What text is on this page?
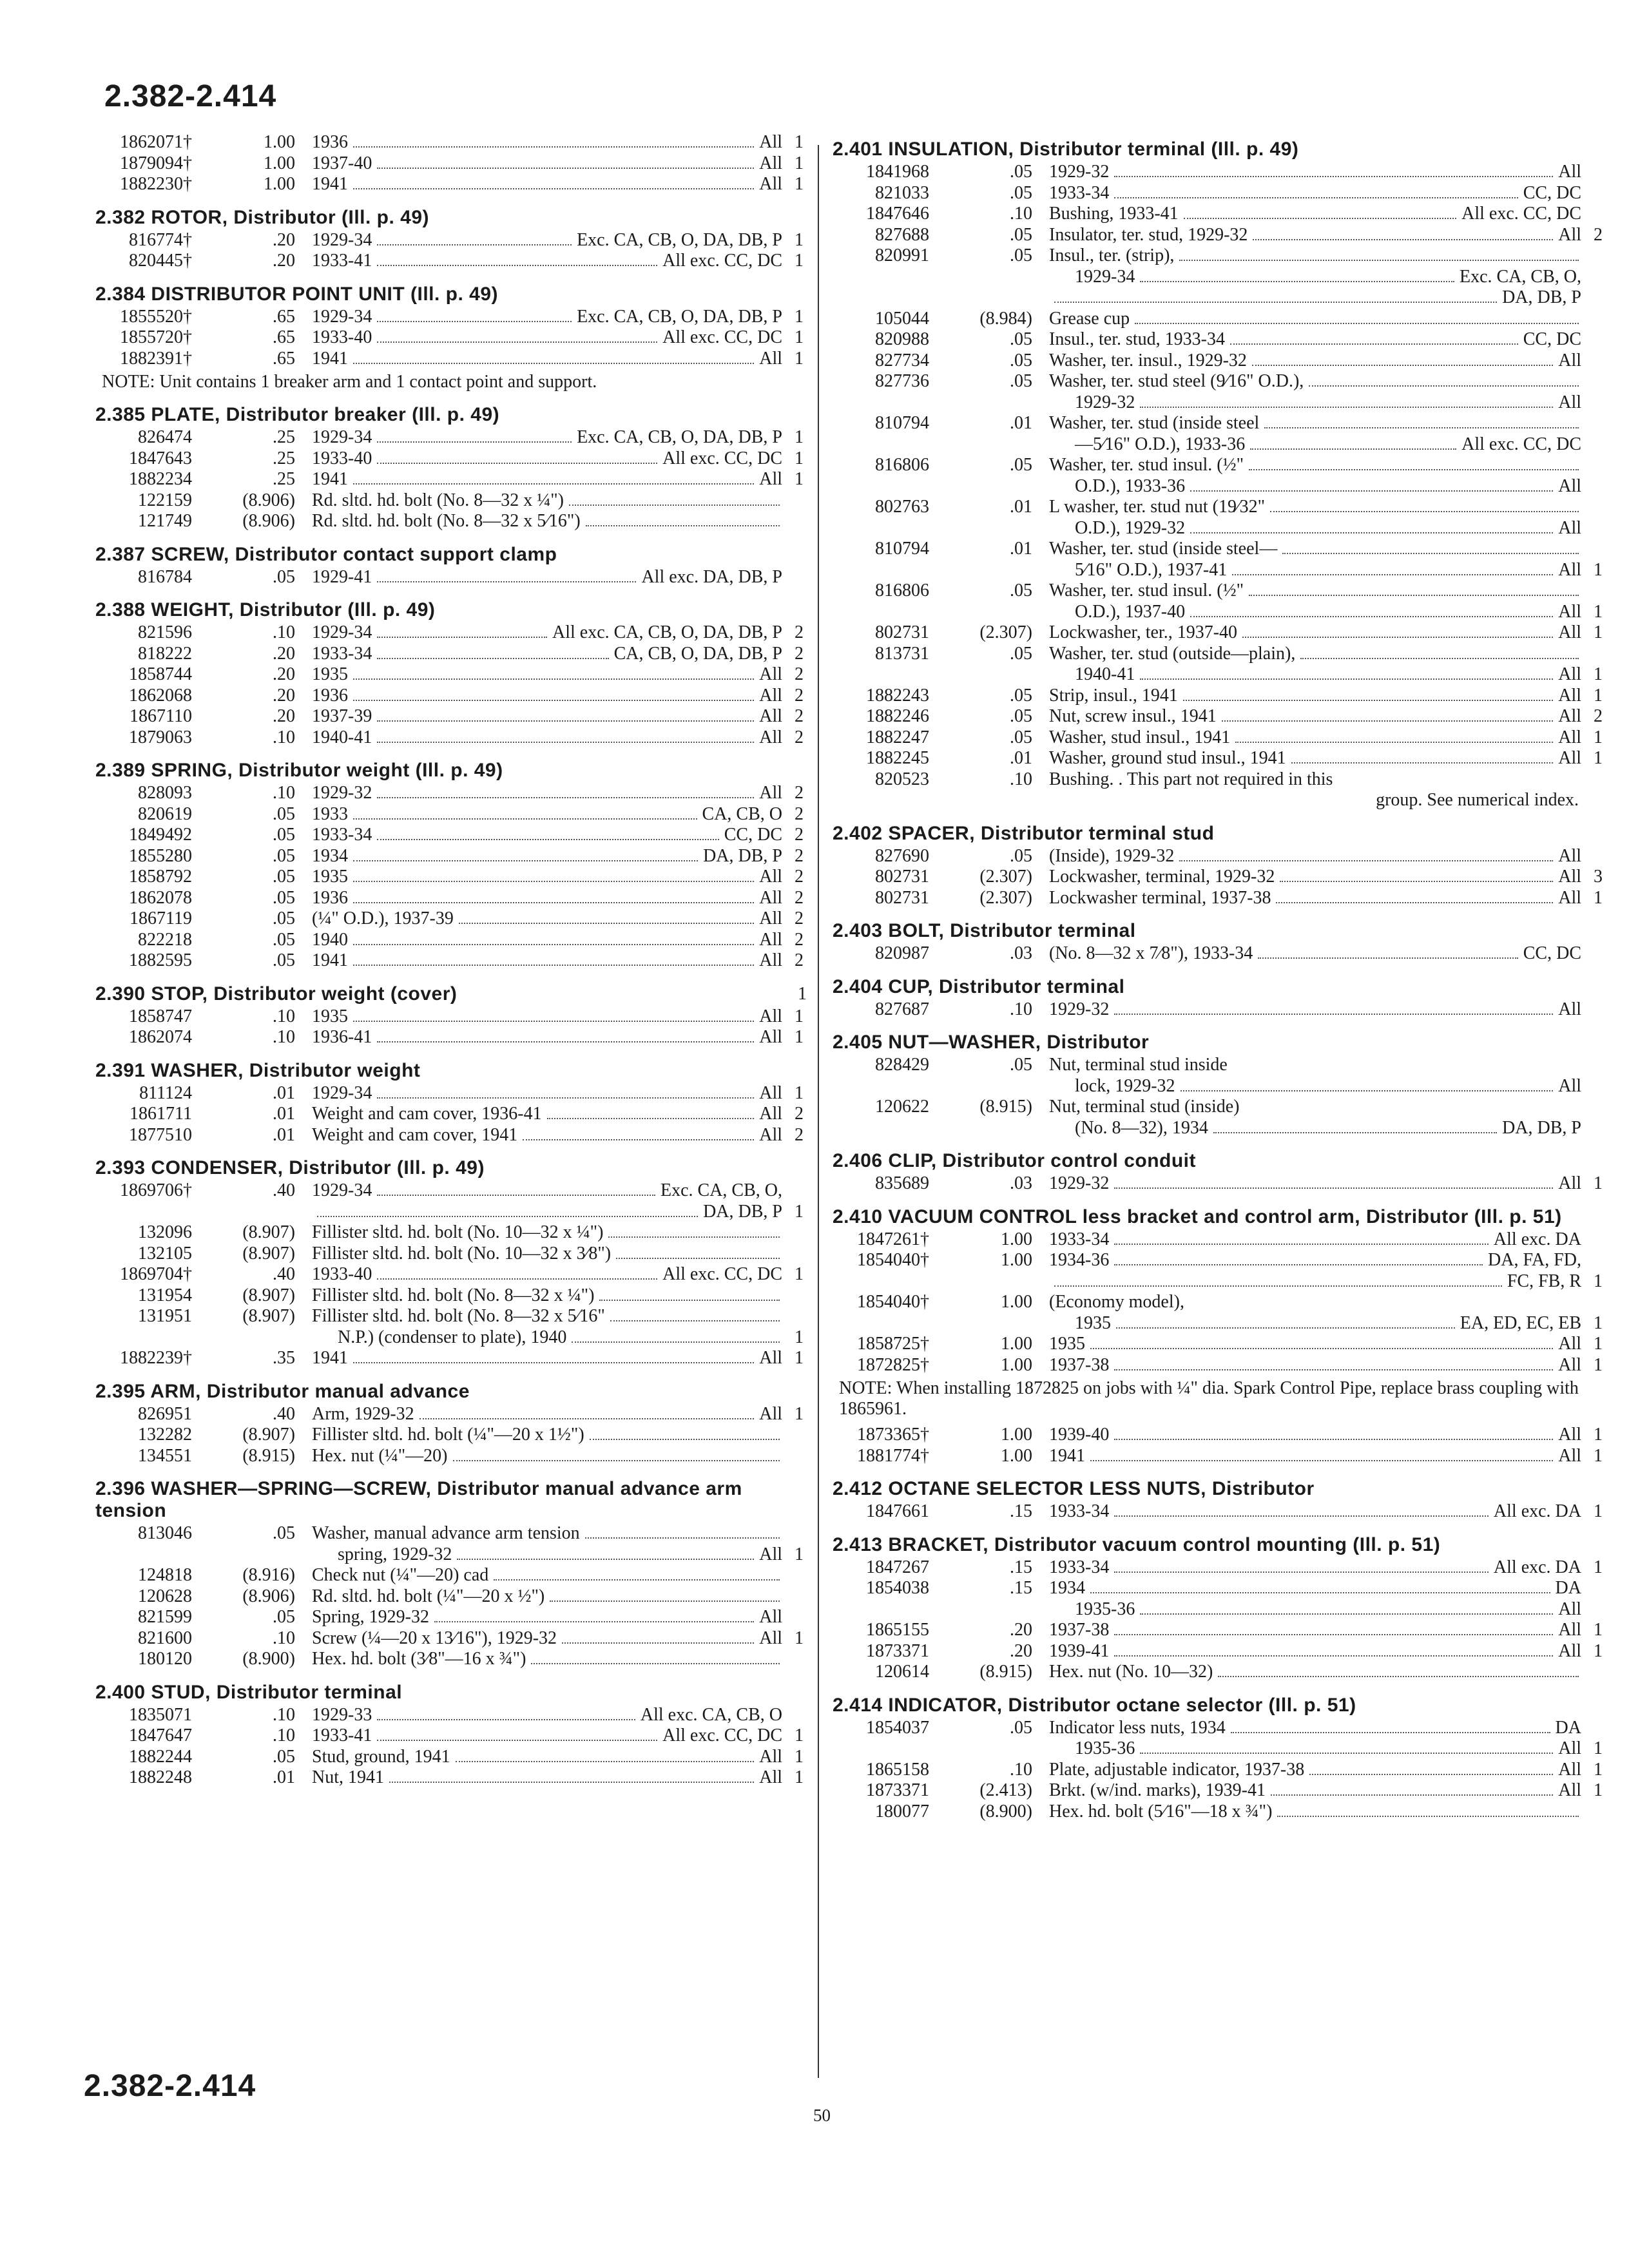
2.382-2.414
1862071†	1.00 1936	All 1
1879094†	1.00 1937-40	All 1
1882230†	1.00 1941	All 1
2.382 ROTOR, Distributor (Ill. p. 49)
816774†	.20 1929-34	Exc. CA, CB, O, DA, DB, P 1
820445†	.20 1933-41	All exc. CC, DC 1
2.384 DISTRIBUTOR POINT UNIT (Ill. p. 49)
1855520†	.65 1929-34	Exc. CA, CB, O, DA, DB, P 1
1855720†	.65 1933-40	All exc. CC, DC 1
1882391†	.65 1941	All 1
NOTE: Unit contains 1 breaker arm and 1 contact point and support.
2.385 PLATE, Distributor breaker (Ill. p. 49)
826474	.25 1929-34	Exc. CA, CB, O, DA, DB, P 1
1847643	.25 1933-40	All exc. CC, DC 1
1882234	.25 1941	All 1
122159	(8.906) Rd. sltd. hd. bolt (No. 8—32 x ¼")
121749	(8.906) Rd. sltd. hd. bolt (No. 8—32 x 5⁄16")
2.387 SCREW, Distributor contact support clamp
816784	.05 1929-41	All exc. DA, DB, P
2.388 WEIGHT, Distributor (Ill. p. 49)
821596	.10 1929-34	All exc. CA, CB, O, DA, DB, P 2
818222	.20 1933-34	CA, CB, O, DA, DB, P 2
1858744	.20 1935	All 2
1862068	.20 1936	All 2
1867110	.20 1937-39	All 2
1879063	.10 1940-41	All 2
2.389 SPRING, Distributor weight (Ill. p. 49)
828093	.10 1929-32	All 2
820619	.05 1933	CA, CB, O 2
1849492	.05 1933-34	CC, DC 2
1855280	.05 1934	DA, DB, P 2
1858792	.05 1935	All 2
1862078	.05 1936	All 2
1867119	.05 (¼" O.D.), 1937-39	All 2
822218	.05 1940	All 2
1882595	.05 1941	All 2
1
2.390 STOP, Distributor weight (cover)
1858747	.10 1935	All 1
1862074	.10 1936-41	All 1
2.391 WASHER, Distributor weight
811124	.01 1929-34	All 1
1861711	.01 Weight and cam cover, 1936-41	All 2
1877510	.01 Weight and cam cover, 1941	All 2
2.393 CONDENSER, Distributor (Ill. p. 49)
1869706†	.40 1929-34	Exc. CA, CB, O,
DA, DB, P 1
132096	(8.907) Fillister sltd. hd. bolt (No. 10—32 x ¼")
132105	(8.907) Fillister sltd. hd. bolt (No. 10—32 x 3⁄8")
1869704†	.40 1933-40	All exc. CC, DC 1
131954	(8.907) Fillister sltd. hd. bolt (No. 8—32 x ¼")
131951	(8.907) Fillister sltd. hd. bolt (No. 8—32 x 5⁄16"
N.P.) (condenser to plate), 1940	1
1882239†	.35 1941	All 1
2.395 ARM, Distributor manual advance
826951	.40 Arm, 1929-32	All 1
132282	(8.907) Fillister sltd. hd. bolt (¼"—20 x 1½")
134551	(8.915) Hex. nut (¼"—20)
2.396 WASHER—SPRING—SCREW, Distributor manual advance arm tension
813046	.05 Washer, manual advance arm tension
spring, 1929-32	All 1
124818	(8.916) Check nut (¼"—20) cad
120628	(8.906) Rd. sltd. hd. bolt (¼"—20 x ½")
821599	.05 Spring, 1929-32	All
821600	.10 Screw (¼—20 x 13⁄16"), 1929-32	All 1
180120	(8.900) Hex. hd. bolt (3⁄8"—16 x ¾")
2.400 STUD, Distributor terminal
1835071	.10 1929-33	All exc. CA, CB, O
1847647	.10 1933-41	All exc. CC, DC 1
1882244	.05 Stud, ground, 1941	All 1
1882248	.01 Nut, 1941	All 1
2.401 INSULATION, Distributor terminal (Ill. p. 49)
1841968	.05 1929-32	All
821033	.05 1933-34	CC, DC
1847646	.10 Bushing, 1933-41	All exc. CC, DC
827688	.05 Insulator, ter. stud, 1929-32	All 2
820991	.05 Insul., ter. (strip),
1929-34	Exc. CA, CB, O,
DA, DB, P
105044	(8.984) Grease cup
820988	.05 Insul., ter. stud, 1933-34	CC, DC
827734	.05 Washer, ter. insul., 1929-32	All
827736	.05 Washer, ter. stud steel (9⁄16" O.D.),
1929-32	All
810794	.01 Washer, ter. stud (inside steel
—5⁄16" O.D.), 1933-36	All exc. CC, DC
816806	.05 Washer, ter. stud insul. (½"
O.D.), 1933-36	All
802763	.01 L washer, ter. stud nut (19⁄32"
O.D.), 1929-32	All
810794	.01 Washer, ter. stud (inside steel—
5⁄16" O.D.), 1937-41	All 1
816806	.05 Washer, ter. stud insul. (½"
O.D.), 1937-40	All 1
802731	(2.307) Lockwasher, ter., 1937-40	All 1
813731	.05 Washer, ter. stud (outside—plain),
1940-41	All 1
1882243	.05 Strip, insul., 1941	All 1
1882246	.05 Nut, screw insul., 1941	All 2
1882247	.05 Washer, stud insul., 1941	All 1
1882245	.01 Washer, ground stud insul., 1941	All 1
820523	.10 Bushing. . This part not required in this
group. See numerical index.
2.402 SPACER, Distributor terminal stud
827690	.05 (Inside), 1929-32	All
802731	(2.307) Lockwasher, terminal, 1929-32	All 3
802731	(2.307) Lockwasher terminal, 1937-38	All 1
2.403 BOLT, Distributor terminal
820987	.03 (No. 8—32 x 7⁄8"), 1933-34	CC, DC
2.404 CUP, Distributor terminal
827687	.10 1929-32	All
2.405 NUT—WASHER, Distributor
828429	.05 Nut, terminal stud inside
lock, 1929-32	All
120622	(8.915) Nut, terminal stud (inside)
(No. 8—32), 1934	DA, DB, P
2.406 CLIP, Distributor control conduit
835689	.03 1929-32	All 1
2.410 VACUUM CONTROL less bracket and control arm, Distributor (Ill. p. 51)
1847261†	1.00 1933-34	All exc. DA
1854040†	1.00 1934-36	DA, FA, FD,
FC, FB, R 1
1854040†	1.00 (Economy model),
1935	EA, ED, EC, EB 1
1858725†	1.00 1935	All 1
1872825†	1.00 1937-38	All 1
NOTE: When installing 1872825 on jobs with ¼" dia. Spark Control Pipe, replace brass coupling with 1865961.
1873365†	1.00 1939-40	All 1
1881774†	1.00 1941	All 1
2.412 OCTANE SELECTOR LESS NUTS, Distributor
1847661	.15 1933-34	All exc. DA 1
2.413 BRACKET, Distributor vacuum control mounting (Ill. p. 51)
1847267	.15 1933-34	All exc. DA 1
1854038	.15 1934	DA
1935-36	All
1865155	.20 1937-38	All 1
1873371	.20 1939-41	All 1
120614	(8.915) Hex. nut (No. 10—32)
2.414 INDICATOR, Distributor octane selector (Ill. p. 51)
1854037	.05 Indicator less nuts, 1934	DA
1935-36	All 1
1865158	.10 Plate, adjustable indicator, 1937-38	All 1
1873371	(2.413) Brkt. (w/ind. marks), 1939-41	All 1
180077	(8.900) Hex. hd. bolt (5⁄16"—18 x ¾")
2.382-2.414
50
